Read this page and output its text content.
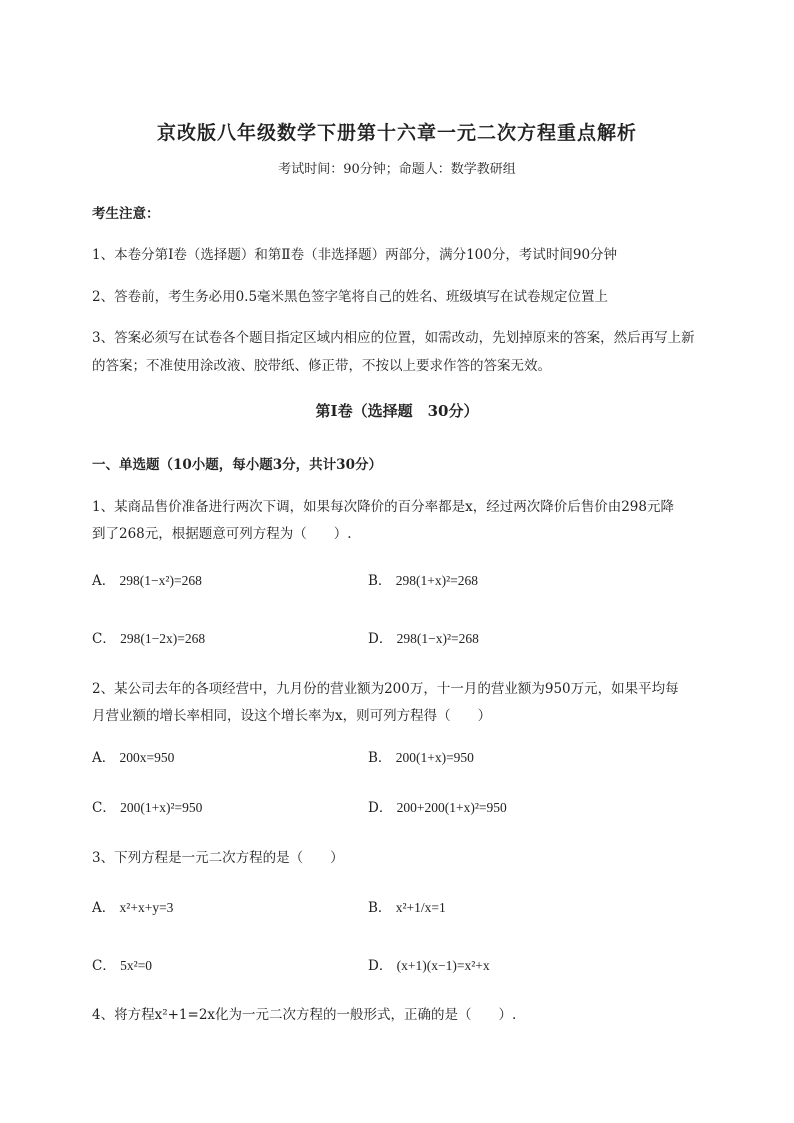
京改版八年级数学下册第十六章一元二次方程重点解析
考试时间：90分钟；命题人：数学教研组
考生注意：
1、本卷分第I卷（选择题）和第Ⅱ卷（非选择题）两部分，满分100分，考试时间90分钟
2、答卷前，考生务必用0.5毫米黑色签字笔将自己的姓名、班级填写在试卷规定位置上
3、答案必须写在试卷各个题目指定区域内相应的位置，如需改动，先划掉原来的答案，然后再写上新
的答案；不准使用涂改液、胶带纸、修正带，不按以上要求作答的答案无效。
第I卷（选择题　30分）
一、单选题（10小题，每小题3分，共计30分）
1、某商品售价准备进行两次下调，如果每次降价的百分率都是x，经过两次降价后售价由298元降
到了268元，根据题意可列方程为（　　）.
A． 298(1−x²)=268	B． 298(1+x)²=268
C． 298(1−2x)=268	D． 298(1−x)²=268
2、某公司去年的各项经营中，九月份的营业额为200万，十一月的营业额为950万元，如果平均每
月营业额的增长率相同，设这个增长率为x，则可列方程得（　　）
A． 200x=950	B． 200(1+x)=950
C． 200(1+x)²=950	D． 200+200(1+x)²=950
3、下列方程是一元二次方程的是（　　）
A． x²+x+y=3	B． x²+1/x=1
C． 5x²=0	D． (x+1)(x−1)=x²+x
4、将方程x²+1=2x化为一元二次方程的一般形式，正确的是（　　）.
